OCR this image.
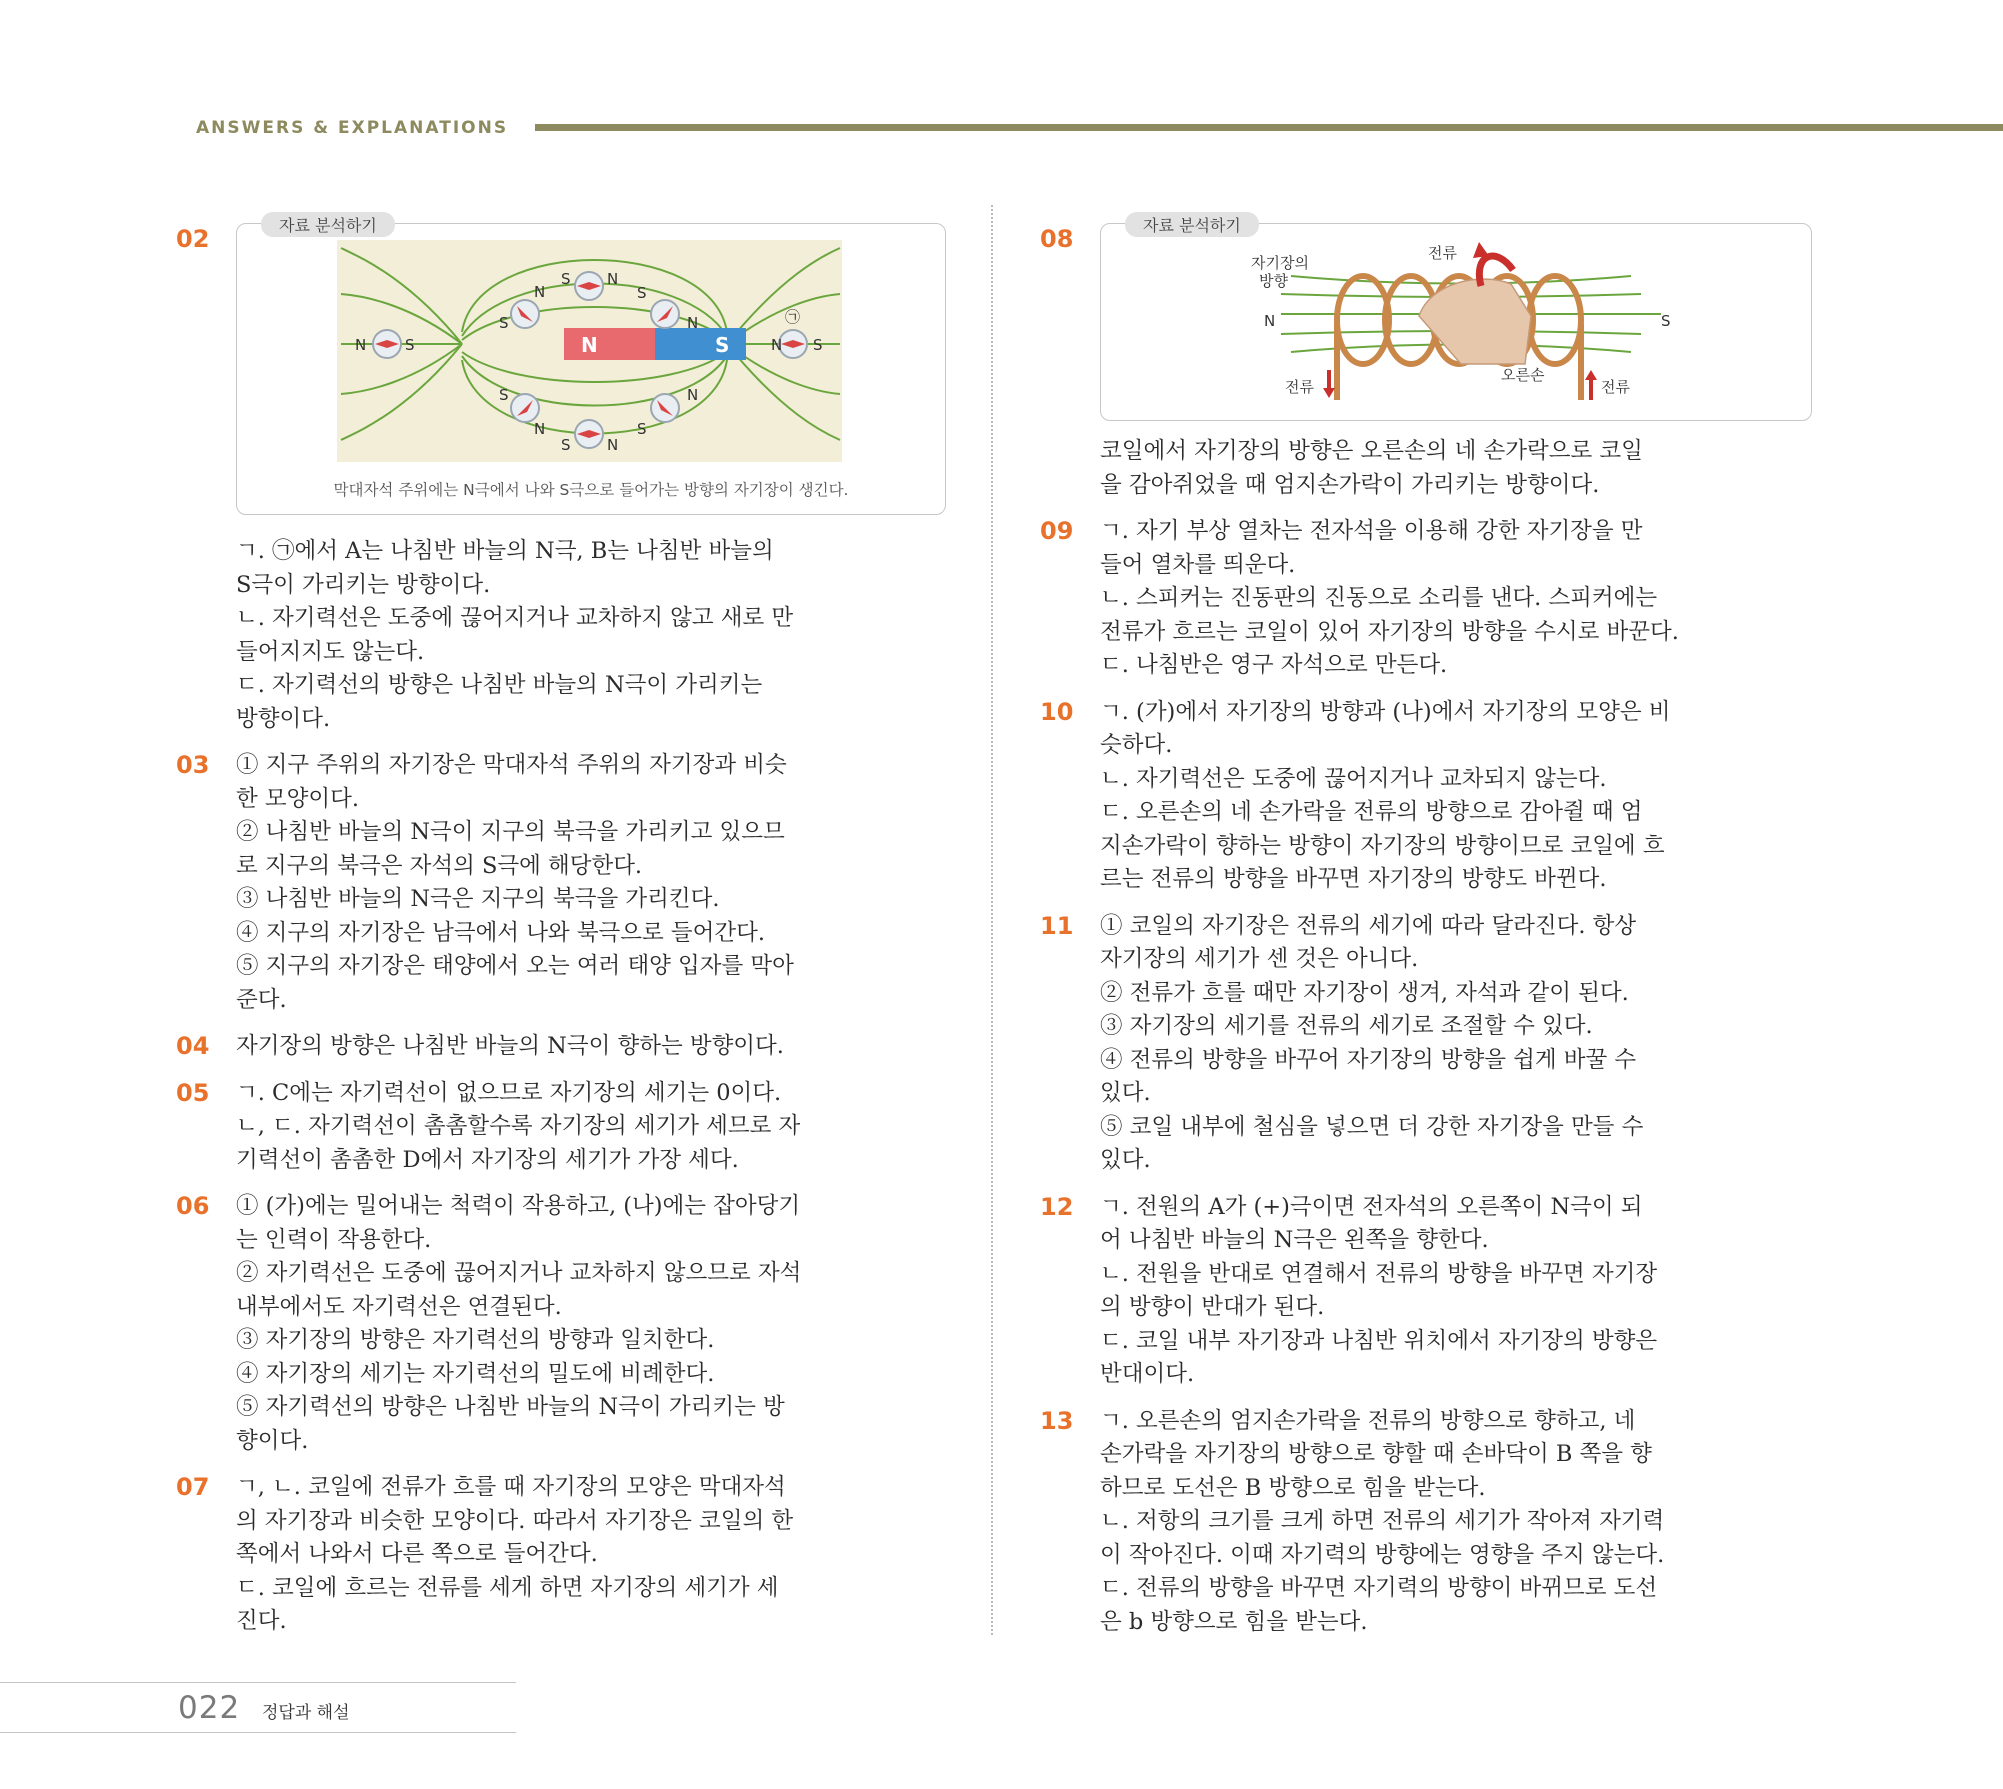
ANSWERS & EXPLANATIONS
02	자료 분석하기
N	S
N	S	N S
S
N
S N
S
N
S
N
S N
S
N
㉠
막대자석 주위에는 N극에서 나와 S극으로 들어가는 방향의 자기장이 생긴다.
ㄱ. ㉠에서 A는 나침반 바늘의 N극, B는 나침반 바늘의
S극이 가리키는 방향이다.
ㄴ. 자기력선은 도중에 끊어지거나 교차하지 않고 새로 만
들어지지도 않는다.
ㄷ. 자기력선의 방향은 나침반 바늘의 N극이 가리키는
방향이다.
03 ① 지구 주위의 자기장은 막대자석 주위의 자기장과 비슷
한 모양이다.
② 나침반 바늘의 N극이 지구의 북극을 가리키고 있으므
로 지구의 북극은 자석의 S극에 해당한다.
③ 나침반 바늘의 N극은 지구의 북극을 가리킨다.
④ 지구의 자기장은 남극에서 나와 북극으로 들어간다.
⑤ 지구의 자기장은 태양에서 오는 여러 태양 입자를 막아
준다.
04 자기장의 방향은 나침반 바늘의 N극이 향하는 방향이다.
05 ㄱ. C에는 자기력선이 없으므로 자기장의 세기는 0이다.
ㄴ, ㄷ. 자기력선이 촘촘할수록 자기장의 세기가 세므로 자
기력선이 촘촘한 D에서 자기장의 세기가 가장 세다.
06 ① (가)에는 밀어내는 척력이 작용하고, (나)에는 잡아당기
는 인력이 작용한다.
② 자기력선은 도중에 끊어지거나 교차하지 않으므로 자석
내부에서도 자기력선은 연결된다.
③ 자기장의 방향은 자기력선의 방향과 일치한다.
④ 자기장의 세기는 자기력선의 밀도에 비례한다.
⑤ 자기력선의 방향은 나침반 바늘의 N극이 가리키는 방
향이다.
07 ㄱ, ㄴ. 코일에 전류가 흐를 때 자기장의 모양은 막대자석
의 자기장과 비슷한 모양이다. 따라서 자기장은 코일의 한
쪽에서 나와서 다른 쪽으로 들어간다.
ㄷ. 코일에 흐르는 전류를 세게 하면 자기장의 세기가 세
진다.
08	자료 분석하기
전류
자기장의
방향
N	S
전류	전류
오른손
코일에서 자기장의 방향은 오른손의 네 손가락으로 코일
을 감아쥐었을 때 엄지손가락이 가리키는 방향이다.
09 ㄱ. 자기 부상 열차는 전자석을 이용해 강한 자기장을 만
들어 열차를 띄운다.
ㄴ. 스피커는 진동판의 진동으로 소리를 낸다. 스피커에는
전류가 흐르는 코일이 있어 자기장의 방향을 수시로 바꾼다.
ㄷ. 나침반은 영구 자석으로 만든다.
10 ㄱ. (가)에서 자기장의 방향과 (나)에서 자기장의 모양은 비
슷하다.
ㄴ. 자기력선은 도중에 끊어지거나 교차되지 않는다.
ㄷ. 오른손의 네 손가락을 전류의 방향으로 감아쥘 때 엄
지손가락이 향하는 방향이 자기장의 방향이므로 코일에 흐
르는 전류의 방향을 바꾸면 자기장의 방향도 바뀐다.
11 ① 코일의 자기장은 전류의 세기에 따라 달라진다. 항상
자기장의 세기가 센 것은 아니다.
② 전류가 흐를 때만 자기장이 생겨, 자석과 같이 된다.
③ 자기장의 세기를 전류의 세기로 조절할 수 있다.
④ 전류의 방향을 바꾸어 자기장의 방향을 쉽게 바꿀 수
있다.
⑤ 코일 내부에 철심을 넣으면 더 강한 자기장을 만들 수
있다.
12 ㄱ. 전원의 A가 (+)극이면 전자석의 오른쪽이 N극이 되
어 나침반 바늘의 N극은 왼쪽을 향한다.
ㄴ. 전원을 반대로 연결해서 전류의 방향을 바꾸면 자기장
의 방향이 반대가 된다.
ㄷ. 코일 내부 자기장과 나침반 위치에서 자기장의 방향은
반대이다.
13 ㄱ. 오른손의 엄지손가락을 전류의 방향으로 향하고, 네
손가락을 자기장의 방향으로 향할 때 손바닥이 B 쪽을 향
하므로 도선은 B 방향으로 힘을 받는다.
ㄴ. 저항의 크기를 크게 하면 전류의 세기가 작아져 자기력
이 작아진다. 이때 자기력의 방향에는 영향을 주지 않는다.
ㄷ. 전류의 방향을 바꾸면 자기력의 방향이 바뀌므로 도선
은 b 방향으로 힘을 받는다.
022 정답과 해설
